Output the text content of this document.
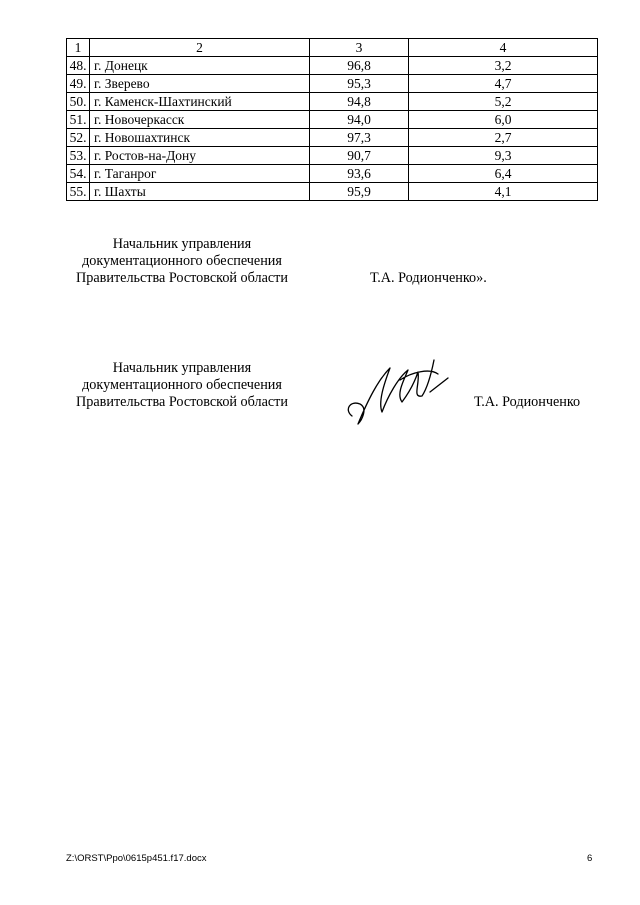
1	2	3	4
48.	г. Донецк	96,8	3,2
49.	г. Зверево	95,3	4,7
50.	г. Каменск-Шахтинский	94,8	5,2
51.	г. Новочеркасск	94,0	6,0
52.	г. Новошахтинск	97,3	2,7
53.	г. Ростов-на-Дону	90,7	9,3
54.	г. Таганрог	93,6	6,4
55.	г. Шахты	95,9	4,1
Начальник управления
документационного обеспечения
Правительства Ростовской области	Т.А. Родионченко».
Начальник управления
документационного обеспечения
Правительства Ростовской области	Т.А. Родионченко
Z:\ORST\Ppo\0615p451.f17.docx	6
